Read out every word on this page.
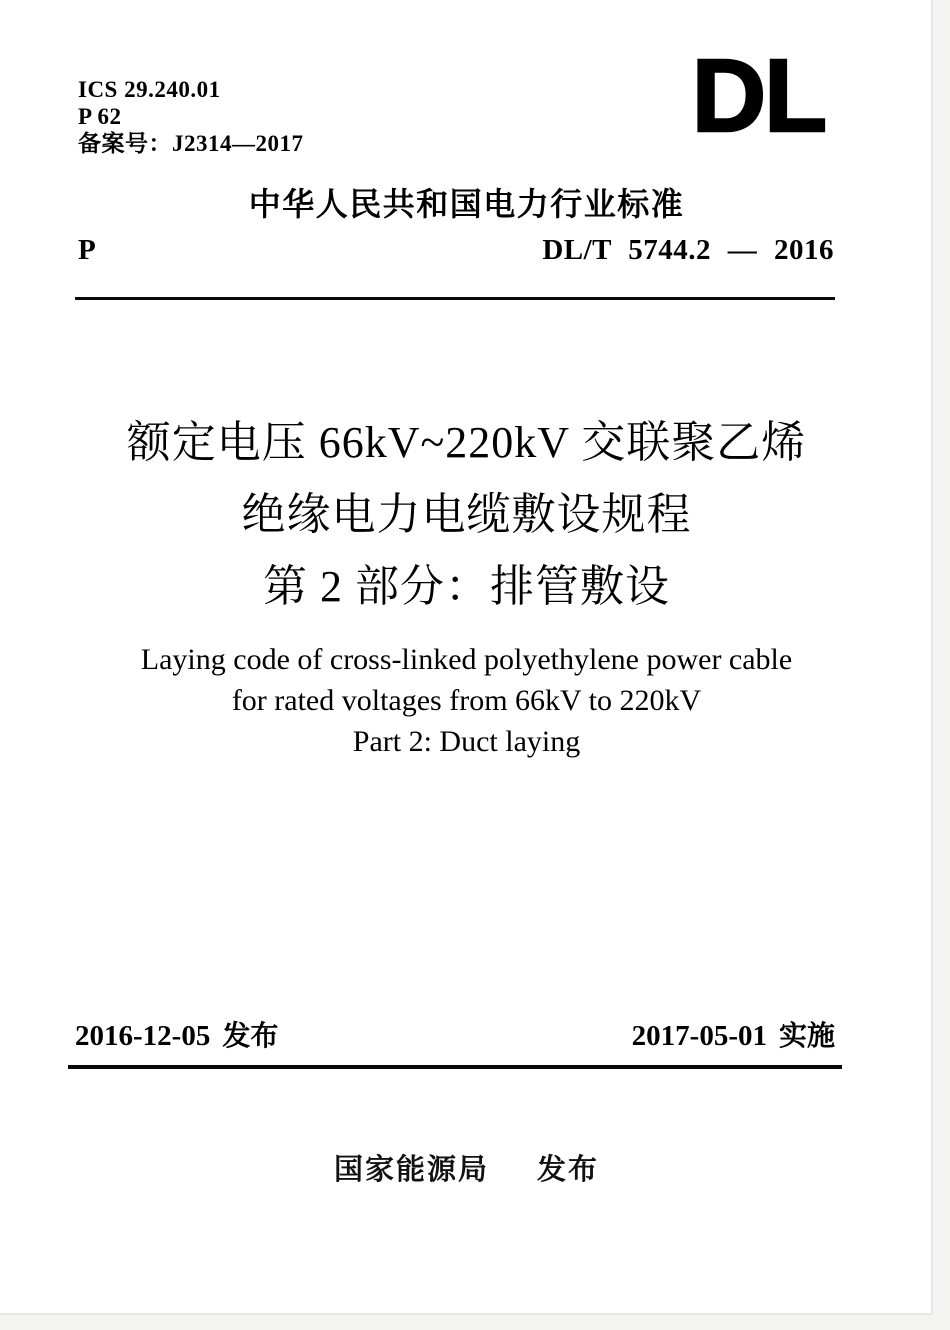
ICS 29.240.01
P 62
备案号：J2314—2017	DL
中华人民共和国电力行业标准
P	DL/T 5744.2 — 2016
额定电压 66kV~220kV 交联聚乙烯
绝缘电力电缆敷设规程
第 2 部分：排管敷设
Laying code of cross-linked polyethylene power cable
for rated voltages from 66kV to 220kV
Part 2: Duct laying
2016-12-05 发布	2017-05-01 实施
国家能源局 发布
